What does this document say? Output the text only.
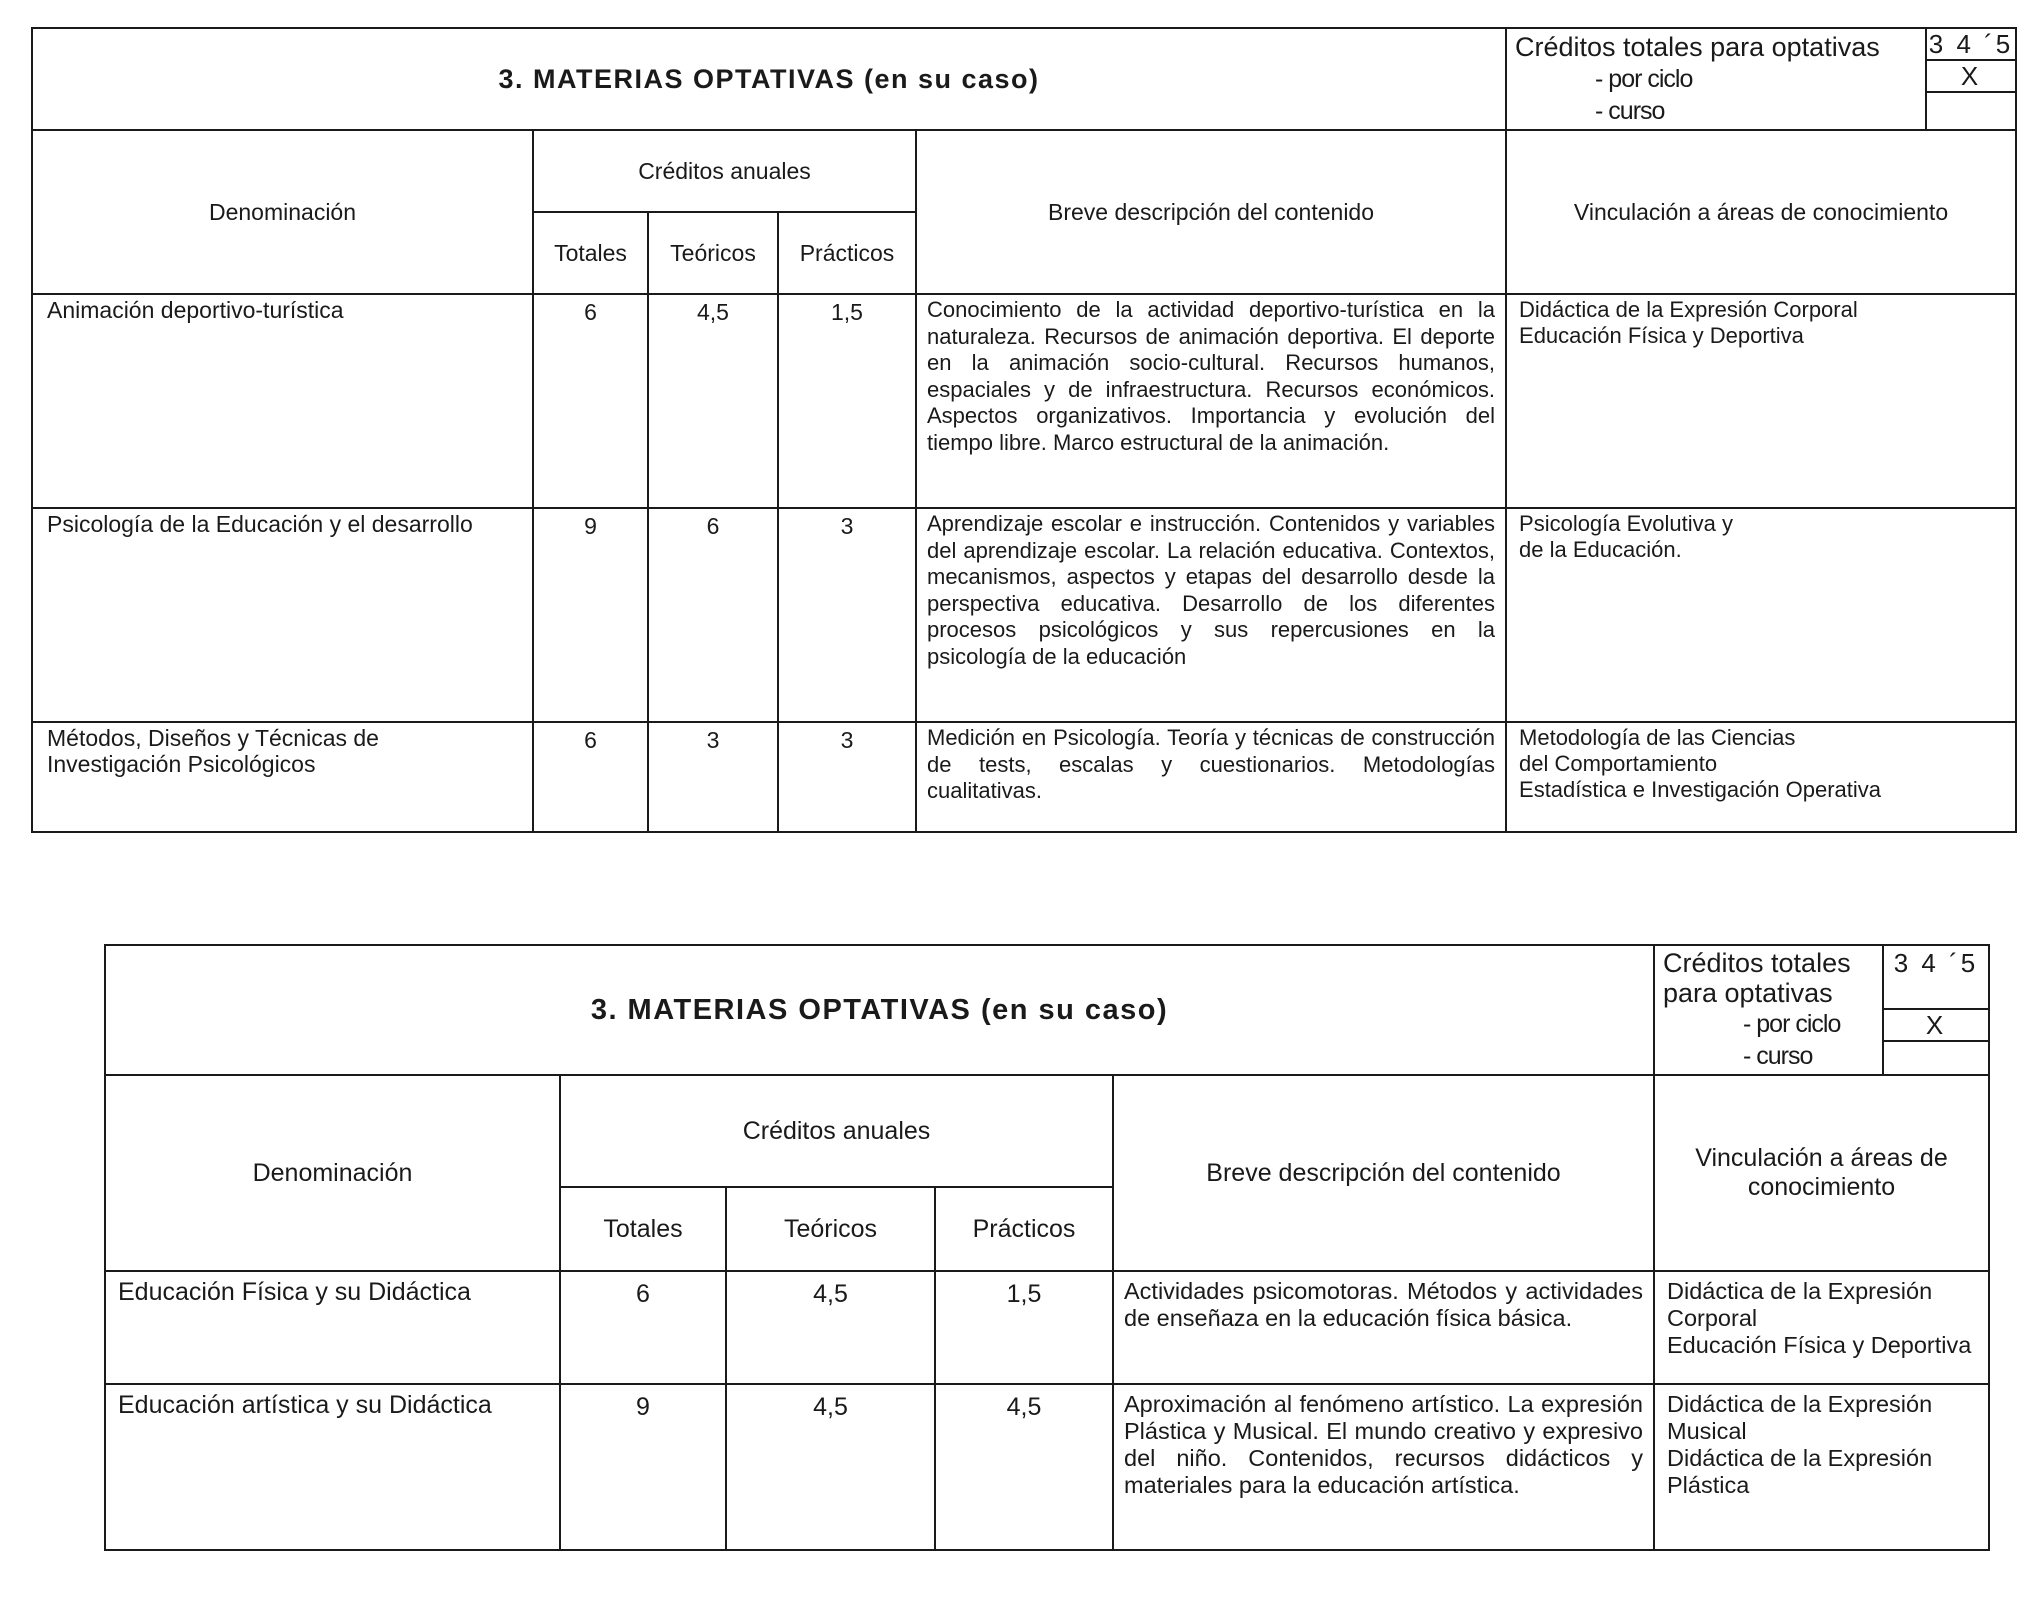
3. MATERIAS OPTATIVAS (en su caso)					Créditos totales para optativas
- por ciclo
- curso
3 4 ´5
X

Denominación	Créditos anuales			Breve descripción del contenido	Vinculación a áreas de conocimiento
	Totales	Teóricos	Prácticos		
Animación deportivo-turística	6	4,5	1,5	Conocimiento de la actividad deportivo-turística en la naturaleza. Recursos de animación deportiva. El deporte en la animación socio-cultural. Recursos humanos, espaciales y de infraestructura. Recursos económicos. Aspectos organizativos. Importancia y evolución del tiempo libre. Marco estructural de la animación.	Didáctica de la Expresión Corporal
Educación Física y Deportiva

Psicología de la Educación y el desarrollo	9	6	3	Aprendizaje escolar e instrucción. Contenidos y variables del aprendizaje escolar. La relación educativa. Contextos, mecanismos, aspectos y etapas del desarrollo desde la perspectiva educativa. Desarrollo de los diferentes procesos psicológicos y sus repercusiones en la psicología de la educación	Psicología Evolutiva y
de la Educación.

Métodos, Diseños y Técnicas de Investigación Psicológicos	6	3	3	Medición en Psicología. Teoría y técnicas de construcción de tests, escalas y cuestionarios. Metodologías cualitativas.	Metodología de las Ciencias
del Comportamiento
Estadística e Investigación Operativa
3. MATERIAS OPTATIVAS (en su caso)					Créditos totales para optativas
- por ciclo
- curso
3 4 ´5
X

Denominación	Créditos anuales			Breve descripción del contenido	Vinculación a áreas de conocimiento
	Totales	Teóricos	Prácticos		
Educación Física y su Didáctica	6	4,5	1,5	Actividades psicomotoras. Métodos y actividades de enseñaza en la educación física básica.	Didáctica de la Expresión Corporal
Educación Física y Deportiva

Educación artística y su Didáctica	9	4,5	4,5	Aproximación al fenómeno artístico. La expresión Plástica y Musical. El mundo creativo y expresivo del niño. Contenidos, recursos didácticos y materiales para la educación artística.	Didáctica de la Expresión Musical
Didáctica de la Expresión Plástica
